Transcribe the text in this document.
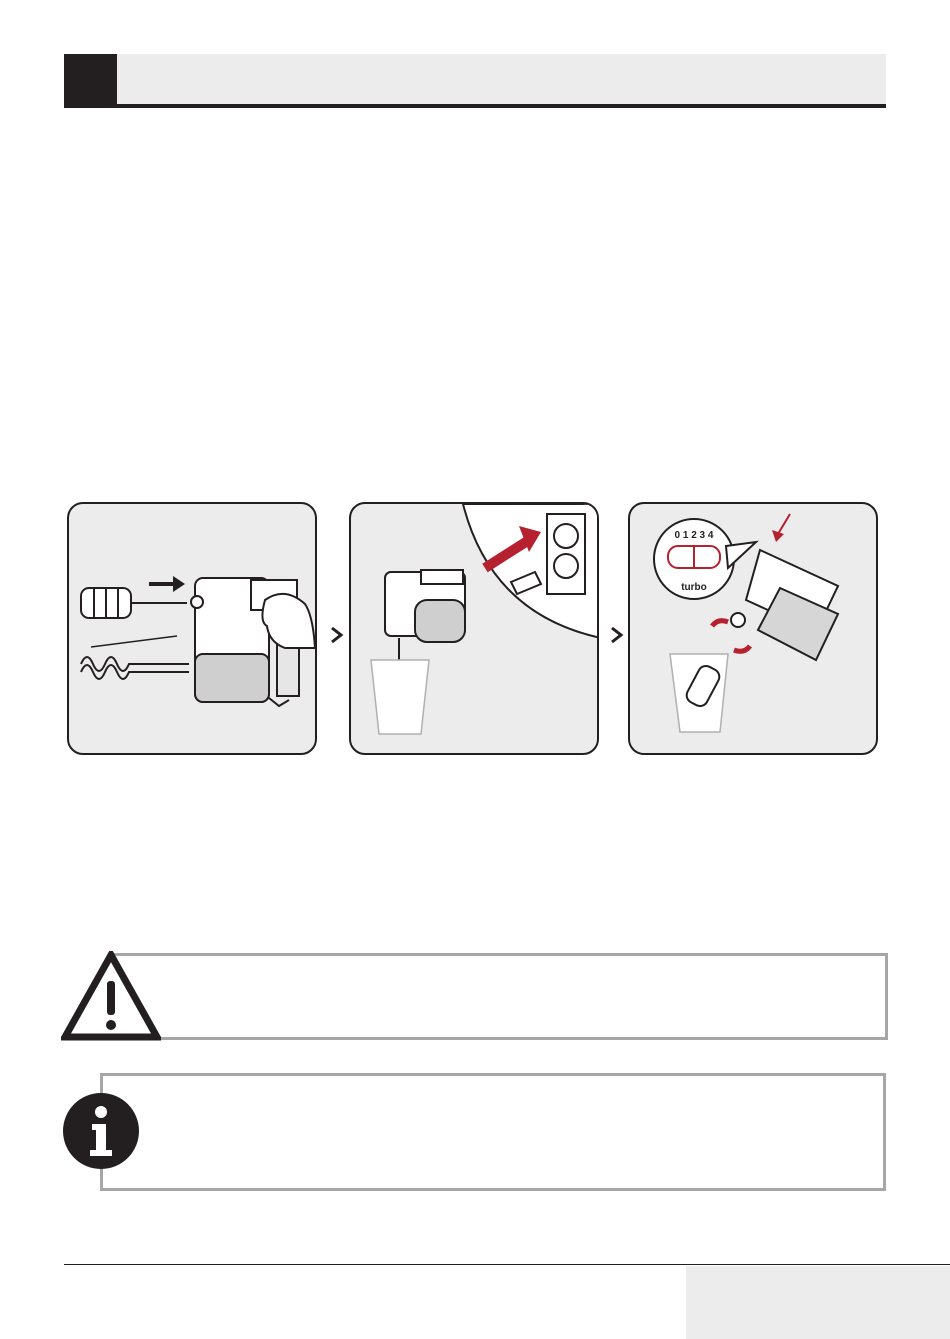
0 1 2 3 4
turbo
